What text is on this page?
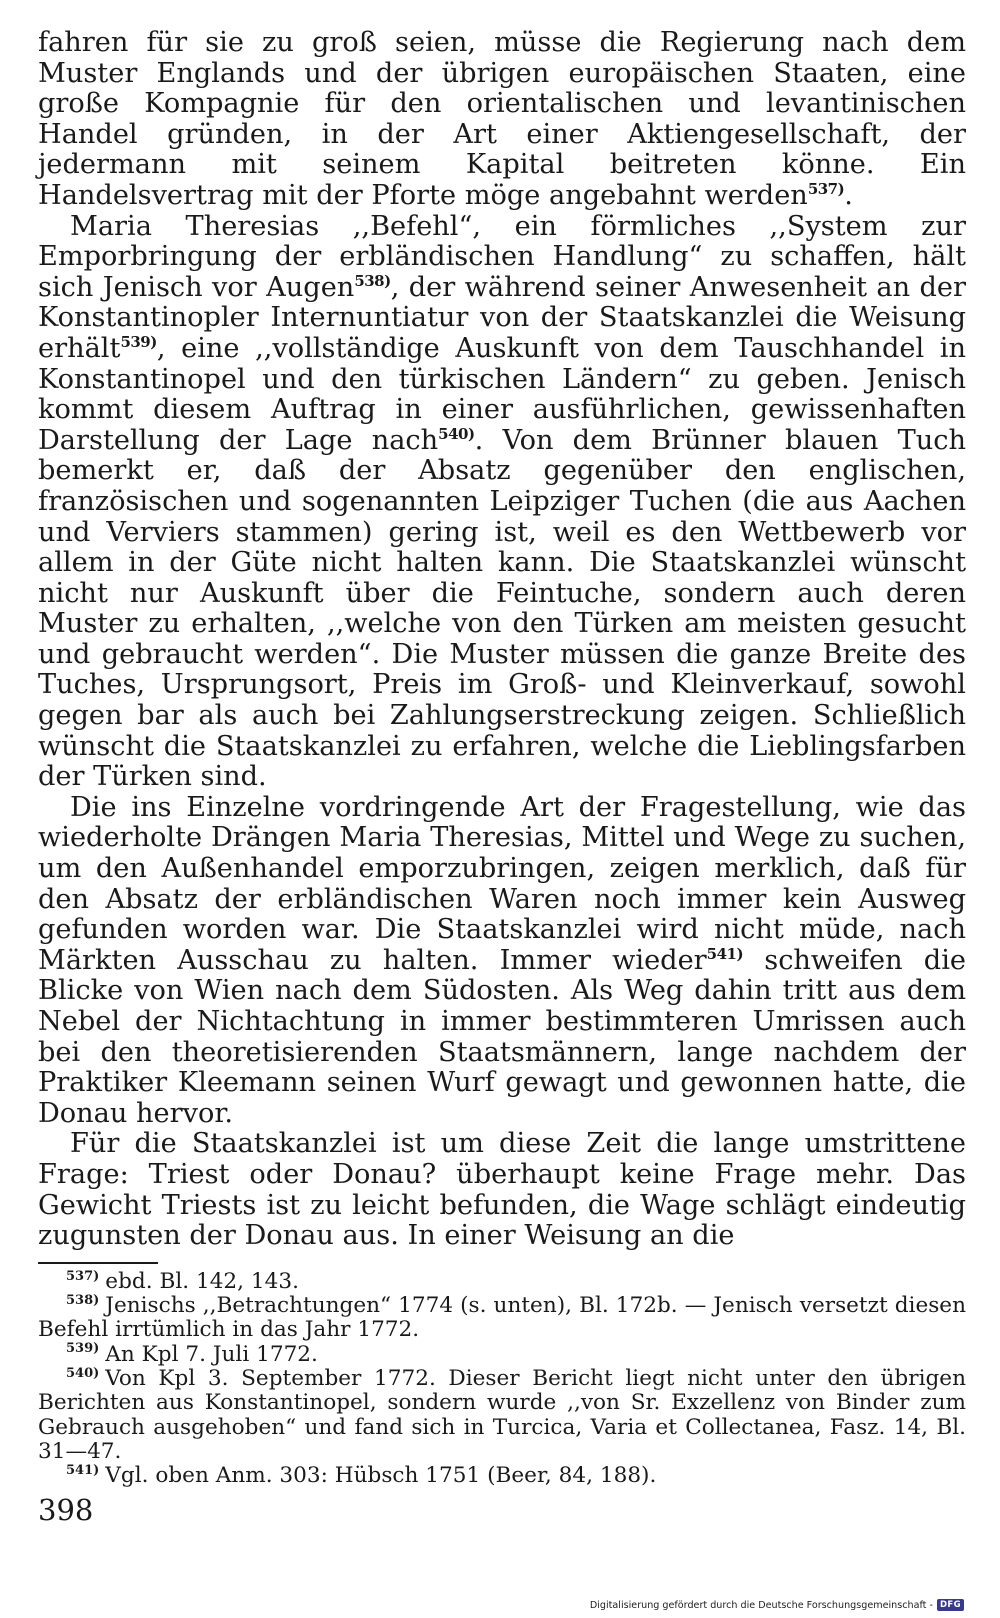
fahren für sie zu groß seien, müsse die Regierung nach dem Muster Englands und der übrigen europäischen Staaten, eine große Kompagnie für den orientalischen und levantinischen Handel gründen, in der Art einer Aktiengesellschaft, der jedermann mit seinem Kapital beitreten könne. Ein Handelsvertrag mit der Pforte möge angebahnt werden$^{537)}$.

Maria Theresias ,,Befehl“, ein förmliches ,,System zur Emporbringung der erbländischen Handlung“ zu schaffen, hält sich Jenisch vor Augen$^{538)}$, der während seiner Anwesenheit an der Konstantinopler Internuntiatur von der Staatskanzlei die Weisung erhält$^{539)}$, eine ,,vollständige Auskunft von dem Tauschhandel in Konstantinopel und den türkischen Ländern“ zu geben. Jenisch kommt diesem Auftrag in einer ausführlichen, gewissenhaften Darstellung der Lage nach$^{540)}$. Von dem Brünner blauen Tuch bemerkt er, daß der Absatz gegenüber den englischen, französischen und sogenannten Leipziger Tuchen (die aus Aachen und Verviers stammen) gering ist, weil es den Wettbewerb vor allem in der Güte nicht halten kann. Die Staatskanzlei wünscht nicht nur Auskunft über die Feintuche, sondern auch deren Muster zu erhalten, ,,welche von den Türken am meisten gesucht und gebraucht werden“. Die Muster müssen die ganze Breite des Tuches, Ursprungsort, Preis im Groß- und Kleinverkauf, sowohl gegen bar als auch bei Zahlungserstreckung zeigen. Schließlich wünscht die Staatskanzlei zu erfahren, welche die Lieblingsfarben der Türken sind.

Die ins Einzelne vordringende Art der Fragestellung, wie das wiederholte Drängen Maria Theresias, Mittel und Wege zu suchen, um den Außenhandel emporzubringen, zeigen merklich, daß für den Absatz der erbländischen Waren noch immer kein Ausweg gefunden worden war. Die Staatskanzlei wird nicht müde, nach Märkten Ausschau zu halten. Immer wieder$^{541)}$ schweifen die Blicke von Wien nach dem Südosten. Als Weg dahin tritt aus dem Nebel der Nichtachtung in immer bestimmteren Umrissen auch bei den theoretisierenden Staatsmännern, lange nachdem der Praktiker Kleemann seinen Wurf gewagt und gewonnen hatte, die Donau hervor.

Für die Staatskanzlei ist um diese Zeit die lange umstrittene Frage: Triest oder Donau? überhaupt keine Frage mehr. Das Gewicht Triests ist zu leicht befunden, die Wage schlägt eindeutig zugunsten der Donau aus. In einer Weisung an die

$^{537)}$ ebd. Bl. 142, 143.

$^{538)}$ Jenischs ,,Betrachtungen“ 1774 (s. unten), Bl. 172b. — Jenisch versetzt diesen Befehl irrtümlich in das Jahr 1772.

$^{539)}$ An Kpl 7. Juli 1772.

$^{540)}$ Von Kpl 3. September 1772. Dieser Bericht liegt nicht unter den übrigen Berichten aus Konstantinopel, sondern wurde ,,von Sr. Exzellenz von Binder zum Gebrauch ausgehoben“ und fand sich in Turcica, Varia et Collectanea, Fasz. 14, Bl. 31—47.

$^{541)}$ Vgl. oben Anm. 303: Hübsch 1751 (Beer, 84, 188).

398
Digitalisierung gefördert durch die Deutsche Forschungsgemeinschaft - DFG
